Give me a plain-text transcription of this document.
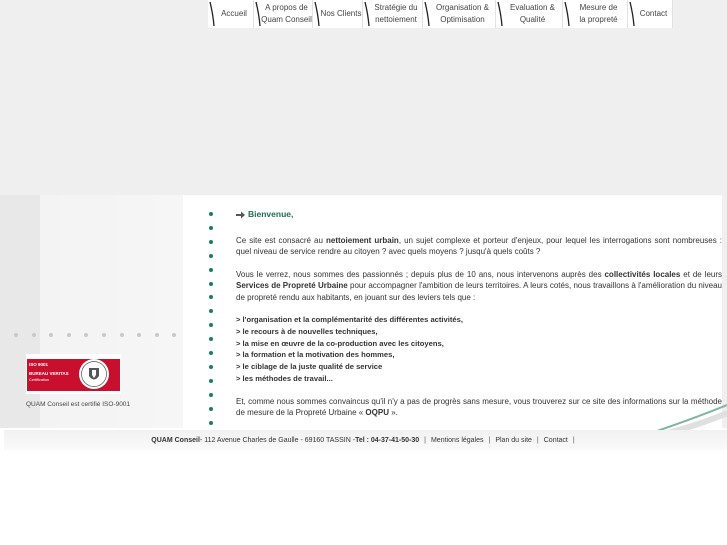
Accueil
A propos de
Quam Conseil
Nos Clients
Stratégie du
nettoiement
Organisation &
Optimisation
Evaluation &
Qualité
Mesure de
la propreté
Contact
ISO 9001
BUREAU VERITAS
Certification
QUAM Conseil est certifié ISO-9001

Bienvenue,

Ce site est consacré au nettoiement urbain, un sujet complexe et porteur d'enjeux, pour lequel les interrogations sont nombreuses : quel niveau de service rendre au citoyen ? avec quels moyens ? jusqu'à quels coûts ?

Vous le verrez, nous sommes des passionnés ; depuis plus de 10 ans, nous intervenons auprès des collectivités locales et de leurs Services de Propreté Urbaine pour accompagner l'ambition de leurs territoires. A leurs cotés, nous travaillons à l'amélioration du niveau de propreté rendu aux habitants, en jouant sur des leviers tels que :

> l'organisation et la complémentarité des différentes activités,
> le recours à de nouvelles techniques,
> la mise en œuvre de la co-production avec les citoyens,
> la formation et la motivation des hommes,
> le ciblage de la juste qualité de service
> les méthodes de travail...

Et, comme nous sommes convaincus qu'il n'y a pas de progrès sans mesure, vous trouverez sur ce site des informations sur la méthode de mesure de la Propreté Urbaine « OQPU ».

QUAM Conseil - 112 Avenue Charles de Gaulle - 69160 TASSIN - Tel : 04-37-41-50-30 | Mentions légales | Plan du site | Contact |
